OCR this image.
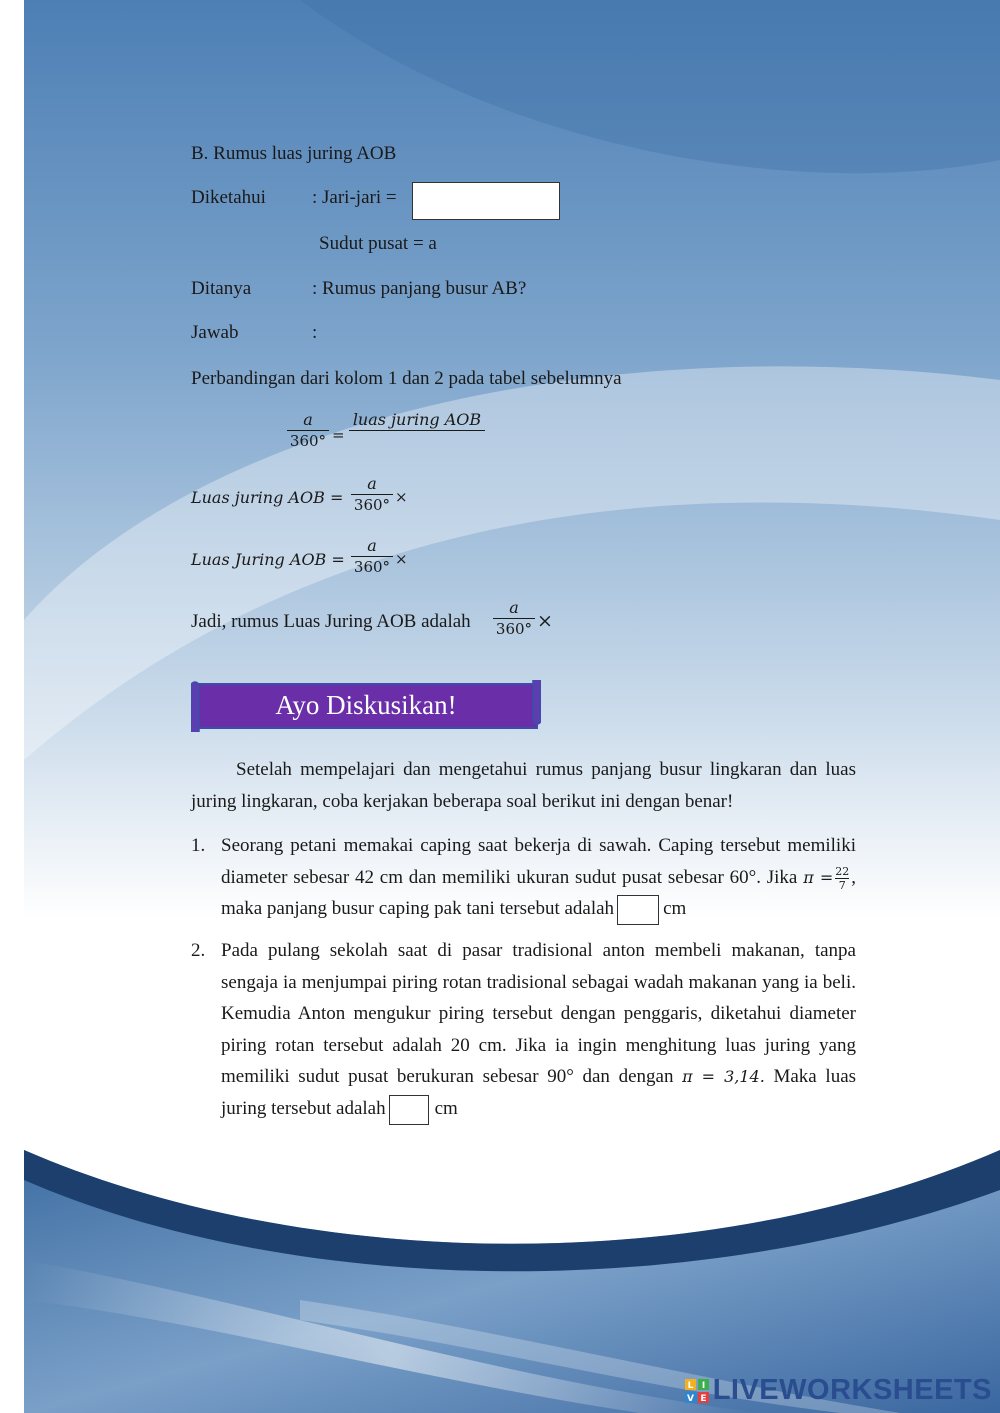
B. Rumus luas juring AOB
Diketahui : Jari-jari =
Sudut pusat = a
Ditanya	: Rumus panjang busur AB?
Jawab	:
Perbandingan dari kolom 1 dan 2 pada tabel sebelumnya
a
360° =
luas juring AOB

Luas juring AOB =
a
360° ×
Luas Juring AOB =
a
360° ×
Jadi, rumus Luas Juring AOB adalah
a
360° ×
Ayo Diskusikan!
Setelah mempelajari dan mengetahui rumus panjang busur lingkaran dan luas juring lingkaran, coba kerjakan beberapa soal berikut ini dengan benar!
1. Seorang petani memakai caping saat bekerja di sawah. Caping tersebut memiliki diameter sebesar 42 cm dan memiliki ukuran sudut pusat sebesar 60°. Jika $\pi = \frac{22}{7}$ , maka panjang busur caping pak tani tersebut adalah	cm
2. Pada pulang sekolah saat di pasar tradisional anton membeli makanan, tanpa sengaja ia menjumpai piring rotan tradisional sebagai wadah makanan yang ia beli. Kemudia Anton mengukur piring tersebut dengan penggaris, diketahui diameter piring rotan tersebut adalah 20 cm. Jika ia ingin menghitung luas juring yang memiliki sudut pusat berukuran sebesar 90° dan dengan π = 3,14. Maka luas juring tersebut adalah	cm
L I
V E LIVEWORKSHEETS
